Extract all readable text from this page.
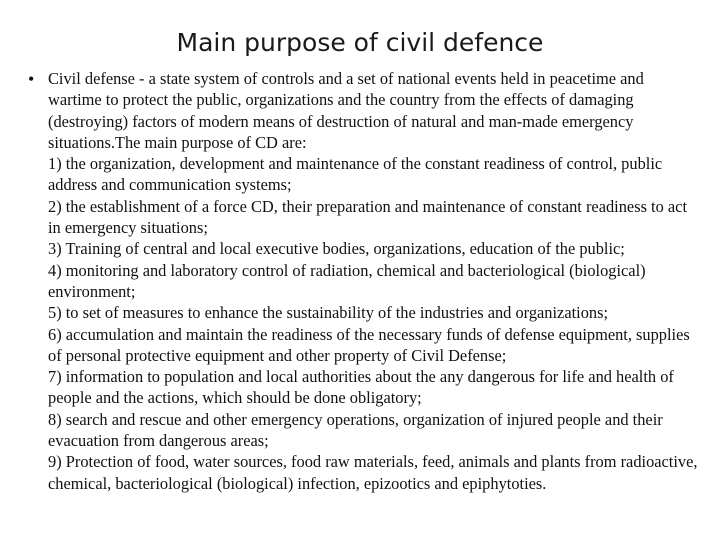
Main purpose of civil defence
• Civil defense - a state system of controls and a set of national events held in peacetime and wartime to protect the public, organizations and the country from the effects of damaging (destroying) factors of modern means of destruction of natural and man-made emergency situations.The main purpose of CD are:
1) the organization, development and maintenance of the constant readiness of control, public address and communication systems;
2) the establishment of a force CD, their preparation and maintenance of constant readiness to act in emergency situations;
3) Training of central and local executive bodies, organizations, education of the public;
4) monitoring and laboratory control of radiation, chemical and bacteriological (biological) environment;
5) to set of measures to enhance the sustainability of the industries and organizations;
6) accumulation and maintain the readiness of the necessary funds of defense equipment, supplies of personal protective equipment and other property of Civil Defense;
7) information to population and local authorities about the any dangerous for life and health of people and the actions, which should be done obligatory;
8) search and rescue and other emergency operations, organization of injured people and their evacuation from dangerous areas;
9) Protection of food, water sources, food raw materials, feed, animals and plants from radioactive, chemical, bacteriological (biological) infection, epizootics and epiphytoties.
